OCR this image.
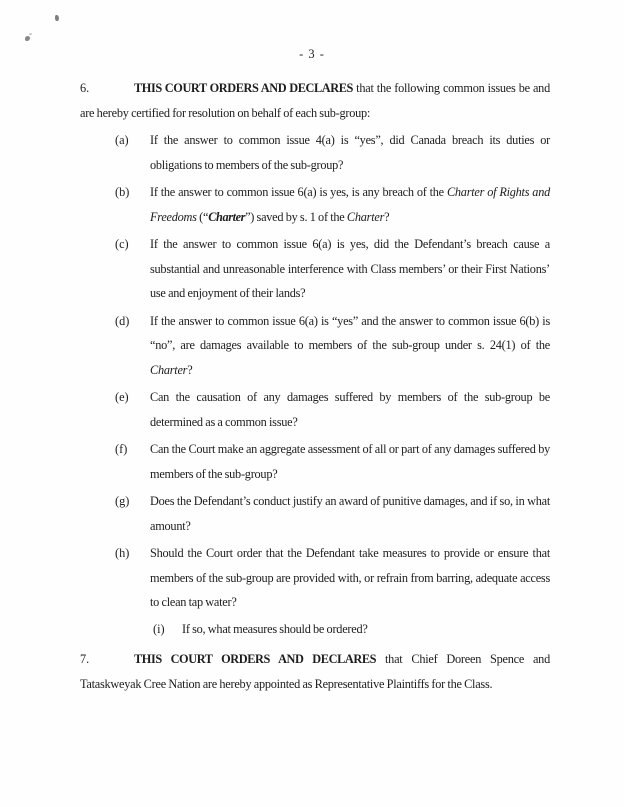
- 3 -

6.	THIS COURT ORDERS AND DECLARES that the following common issues be and are hereby certified for resolution on behalf of each sub-group:

(a)	If the answer to common issue 4(a) is “yes”, did Canada breach its duties or obligations to members of the sub-group?
(b)	If the answer to common issue 6(a) is yes, is any breach of the Charter of Rights and Freedoms (“Charter”) saved by s. 1 of the Charter?
(c)	If the answer to common issue 6(a) is yes, did the Defendant’s breach cause a substantial and unreasonable interference with Class members’ or their First Nations’ use and enjoyment of their lands?
(d)	If the answer to common issue 6(a) is “yes” and the answer to common issue 6(b) is “no”, are damages available to members of the sub-group under s. 24(1) of the Charter?
(e)	Can the causation of any damages suffered by members of the sub-group be determined as a common issue?
(f)	Can the Court make an aggregate assessment of all or part of any damages suffered by members of the sub-group?
(g)	Does the Defendant’s conduct justify an award of punitive damages, and if so, in what amount?
(h)	Should the Court order that the Defendant take measures to provide or ensure that members of the sub-group are provided with, or refrain from barring, adequate access to clean tap water?
(i)	If so, what measures should be ordered?

7.	THIS COURT ORDERS AND DECLARES that Chief Doreen Spence and Tataskweyak Cree Nation are hereby appointed as Representative Plaintiffs for the Class.
